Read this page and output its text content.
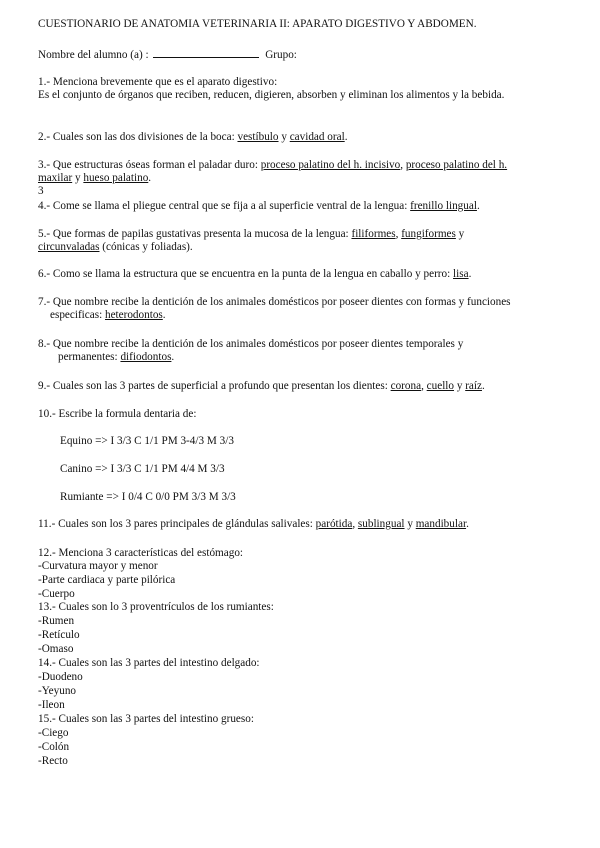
CUESTIONARIO DE ANATOMIA VETERINARIA II: APARATO DIGESTIVO Y ABDOMEN.
Nombre del alumno (a) :	Grupo:
1.- Menciona brevemente que es el aparato digestivo:
Es el conjunto de órganos que reciben, reducen, digieren, absorben y eliminan los alimentos y la bebida.
2.- Cuales son las dos divisiones de la boca: vestíbulo y cavidad oral.
3.- Que estructuras óseas forman el paladar duro: proceso palatino del h. incisivo, proceso palatino del h.
maxilar y hueso palatino.
3
4.- Come se llama el pliegue central que se fija a al superficie ventral de la lengua: frenillo lingual.
5.- Que formas de papilas gustativas presenta la mucosa de la lengua: filiformes, fungiformes y
circunvaladas (cónicas y foliadas).
6.- Como se llama la estructura que se encuentra en la punta de la lengua en caballo y perro: lisa.
7.- Que nombre recibe la dentición de los animales domésticos por poseer dientes con formas y funciones
especificas: heterodontos.
8.- Que nombre recibe la dentición de los animales domésticos por poseer dientes temporales y
permanentes: difiodontos.
9.- Cuales son las 3 partes de superficial a profundo que presentan los dientes: corona, cuello y raíz.
10.- Escribe la formula dentaria de:
Equino => I 3/3 C 1/1 PM 3-4/3 M 3/3
Canino => I 3/3 C 1/1 PM 4/4 M 3/3
Rumiante => I 0/4 C 0/0 PM 3/3 M 3/3
11.- Cuales son los 3 pares principales de glándulas salivales: parótida, sublingual y mandibular.
12.- Menciona 3 características del estómago:
-Curvatura mayor y menor
-Parte cardiaca y parte pilórica
-Cuerpo
13.- Cuales son lo 3 proventrículos de los rumiantes:
-Rumen
-Retículo
-Omaso
14.- Cuales son las 3 partes del intestino delgado:
-Duodeno
-Yeyuno
-Ileon
15.- Cuales son las 3 partes del intestino grueso:
-Ciego
-Colón
-Recto
